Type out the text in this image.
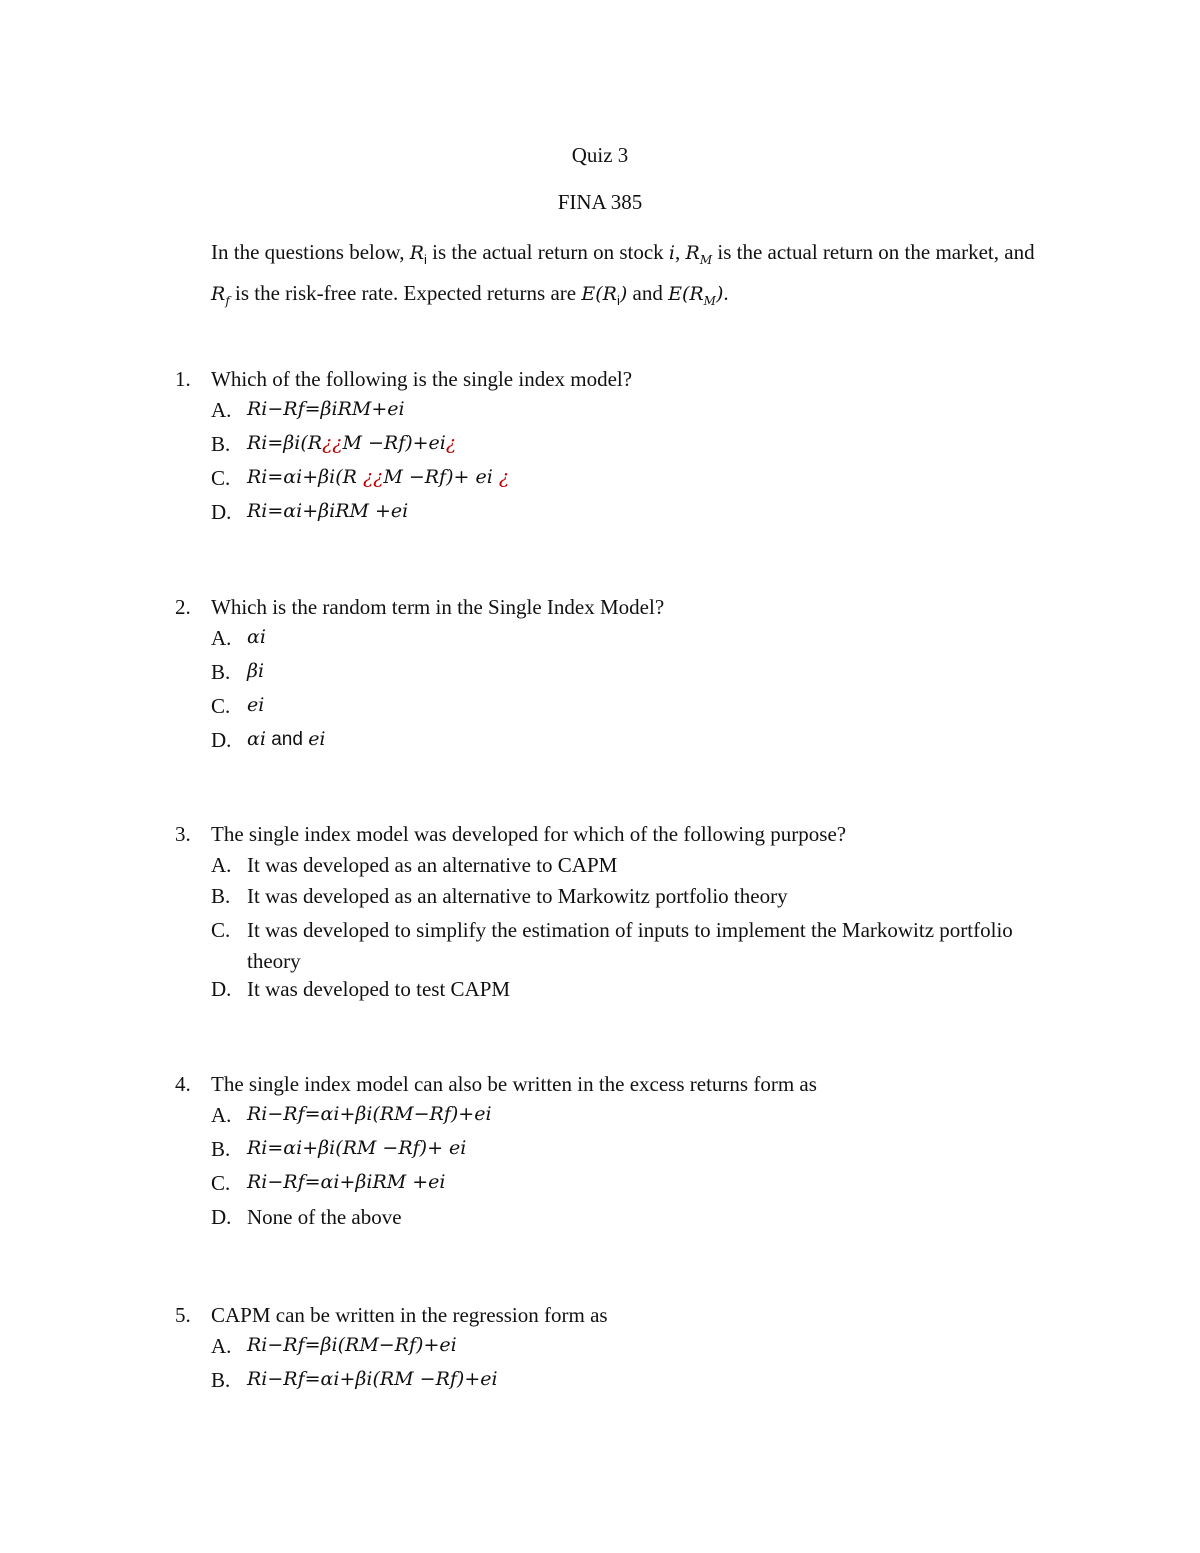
Quiz 3
FINA 385
In the questions below, $R_i$ is the actual return on stock i, $R_M$ is the actual return on the market, and $R_f$ is the risk-free rate. Expected returns are $E(R_i)$ and $E(R_M)$.
1. Which of the following is the single index model?
A. Ri−Rf=βiRM+ei
B. Ri=βi(R¿¿M −Rf)+ei¿
C. Ri=αi+βi(R ¿¿M −Rf)+ ei ¿
D. Ri=αi+βiRM +ei
2. Which is the random term in the Single Index Model?
A. αi
B. βi
C. ei
D. αi and ei
3. The single index model was developed for which of the following purpose?
A. It was developed as an alternative to CAPM
B. It was developed as an alternative to Markowitz portfolio theory
C. It was developed to simplify the estimation of inputs to implement the Markowitz portfolio theory
D. It was developed to test CAPM
4. The single index model can also be written in the excess returns form as
A. Ri−Rf=αi+βi(RM−Rf)+ei
B. Ri=αi+βi(RM −Rf)+ ei
C. Ri−Rf=αi+βiRM +ei
D. None of the above
5. CAPM can be written in the regression form as
A. Ri−Rf=βi(RM−Rf)+ei
B. Ri−Rf=αi+βi(RM −Rf)+ei
